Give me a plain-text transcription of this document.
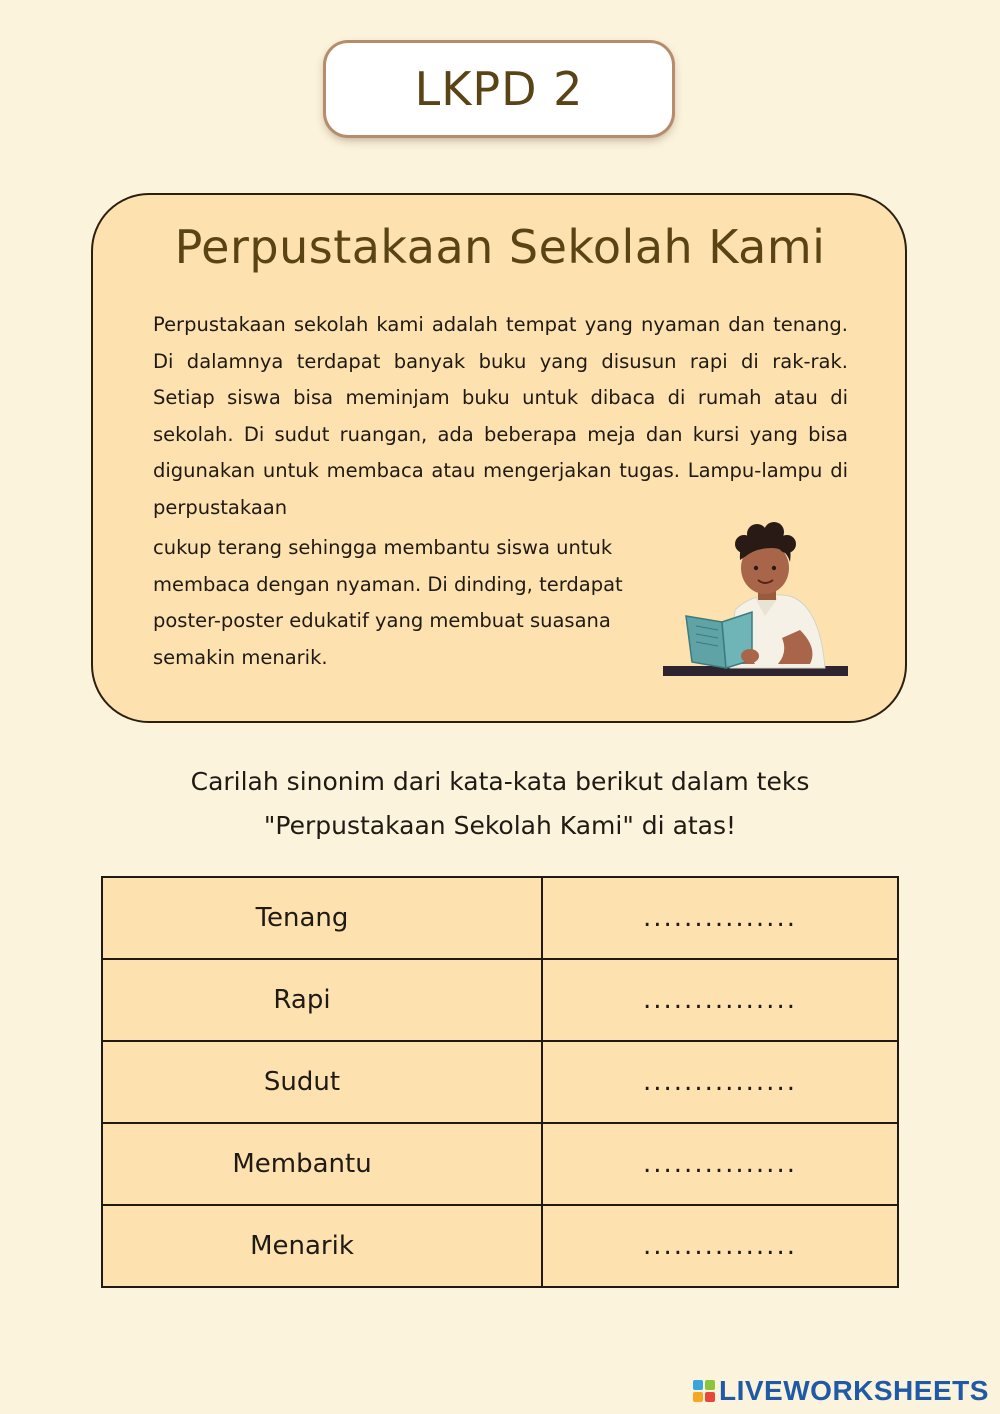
LKPD 2
Perpustakaan Sekolah Kami

Perpustakaan sekolah kami adalah tempat yang nyaman dan tenang. Di dalamnya terdapat banyak buku yang disusun rapi di rak-rak. Setiap siswa bisa meminjam buku untuk dibaca di rumah atau di sekolah. Di sudut ruangan, ada beberapa meja dan kursi yang bisa digunakan untuk membaca atau mengerjakan tugas. Lampu-lampu di perpustakaan

cukup terang sehingga membantu siswa untuk membaca dengan nyaman. Di dinding, terdapat poster-poster edukatif yang membuat suasana semakin menarik.

Carilah sinonim dari kata-kata berikut dalam teks
"Perpustakaan Sekolah Kami" di atas!
Tenang	...............
Rapi	...............
Sudut	...............
Membantu	...............
Menarik	...............
LIVEWORKSHEETS
